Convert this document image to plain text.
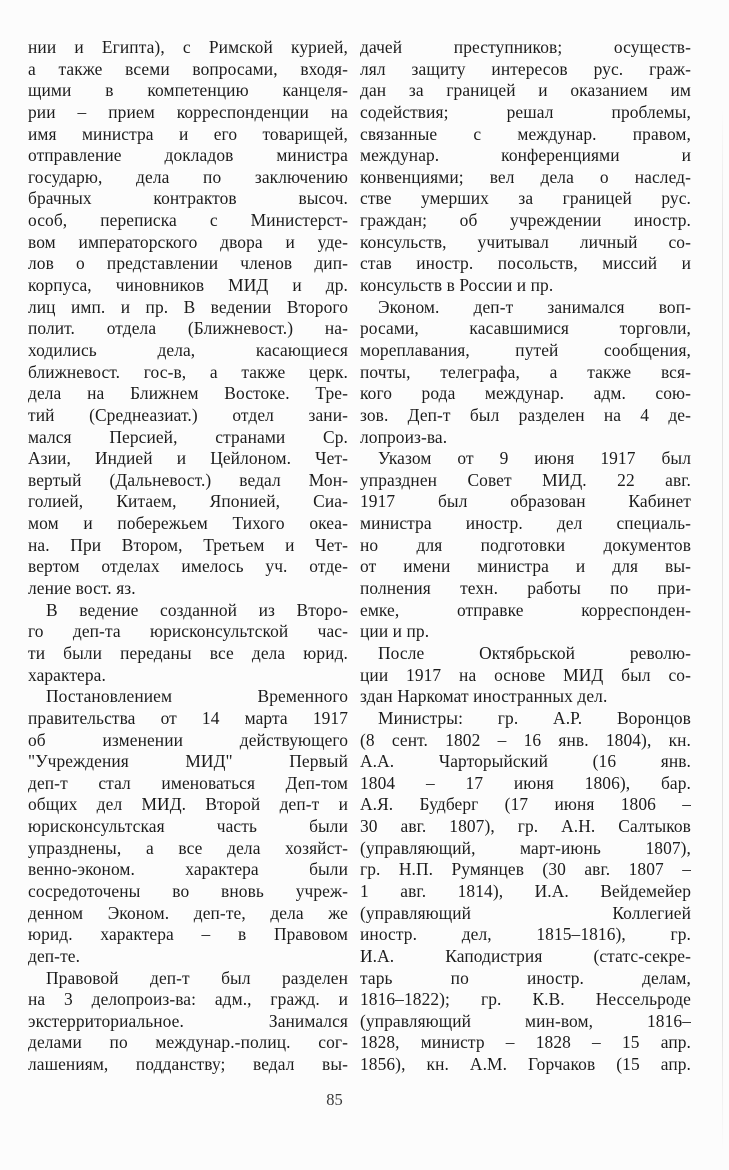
нии и Египта), с Римской курией,
а также всеми вопросами, входя-
щими в компетенцию канцеля-
рии – прием корреспонденции на
имя министра и его товарищей,
отправление докладов министра
государю, дела по заключению
брачных контрактов высоч.
особ, переписка с Министерст-
вом императорского двора и уде-
лов о представлении членов дип-
корпуса, чиновников МИД и др.
лиц имп. и пр. В ведении Второго
полит. отдела (Ближневост.) на-
ходились дела, касающиеся
ближневост. гос-в, а также церк.
дела на Ближнем Востоке. Тре-
тий (Среднеазиат.) отдел зани-
мался Персией, странами Ср.
Азии, Индией и Цейлоном. Чет-
вертый (Дальневост.) ведал Мон-
голией, Китаем, Японией, Сиа-
мом и побережьем Тихого океа-
на. При Втором, Третьем и Чет-
вертом отделах имелось уч. отде-
ление вост. яз.
В ведение созданной из Второ-
го деп-та юрисконсультской час-
ти были переданы все дела юрид.
характера.
Постановлением Временного
правительства от 14 марта 1917
об изменении действующего
"Учреждения МИД" Первый
деп-т стал именоваться Деп-том
общих дел МИД. Второй деп-т и
юрисконсультская часть были
упразднены, а все дела хозяйст-
венно-эконом. характера были
сосредоточены во вновь учреж-
денном Эконом. деп-те, дела же
юрид. характера – в Правовом
деп-те.
Правовой деп-т был разделен
на 3 делопроиз-ва: адм., гражд. и
экстерриториальное. Занимался
делами по междунар.-полиц. сог-
лашениям, подданству; ведал вы-
дачей преступников; осуществ-
лял защиту интересов рус. граж-
дан за границей и оказанием им
содействия; решал проблемы,
связанные с междунар. правом,
междунар. конференциями и
конвенциями; вел дела о наслед-
стве умерших за границей рус.
граждан; об учреждении иностр.
консульств, учитывал личный со-
став иностр. посольств, миссий и
консульств в России и пр.
Эконом. деп-т занимался воп-
росами, касавшимися торговли,
мореплавания, путей сообщения,
почты, телеграфа, а также вся-
кого рода междунар. адм. сою-
зов. Деп-т был разделен на 4 де-
лопроиз-ва.
Указом от 9 июня 1917 был
упразднен Совет МИД. 22 авг.
1917 был образован Кабинет
министра иностр. дел специаль-
но для подготовки документов
от имени министра и для вы-
полнения техн. работы по при-
емке, отправке корреспонден-
ции и пр.
После Октябрьской револю-
ции 1917 на основе МИД был со-
здан Наркомат иностранных дел.
Министры: гр. А.Р. Воронцов
(8 сент. 1802 – 16 янв. 1804), кн.
А.А. Чарторыйский (16 янв.
1804 – 17 июня 1806), бар.
А.Я. Будберг (17 июня 1806 –
30 авг. 1807), гр. А.Н. Салтыков
(управляющий, март-июнь 1807),
гр. Н.П. Румянцев (30 авг. 1807 –
1 авг. 1814), И.А. Вейдемейер
(управляющий Коллегией
иностр. дел, 1815–1816), гр.
И.А. Каподистрия (статс-секре-
тарь по иностр. делам,
1816–1822); гр. К.В. Нессельроде
(управляющий мин-вом, 1816–
1828, министр – 1828 – 15 апр.
1856), кн. А.М. Горчаков (15 апр.
85
